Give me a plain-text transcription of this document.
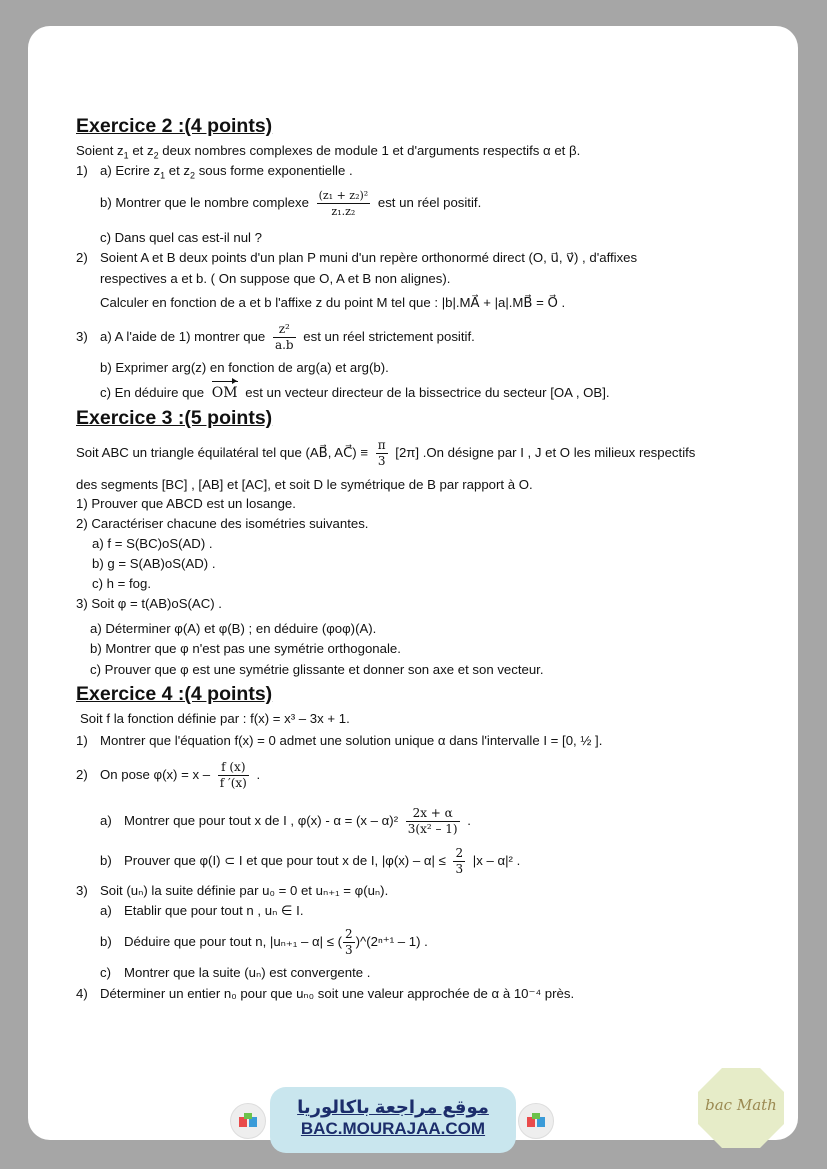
Exercice 2 :(4 points)
Soient $z_1$ et $z_2$ deux nombres complexes de module 1 et d'arguments respectifs α et β.
1) a) Ecrire $z_1$ et $z_2$ sous forme exponentielle .
b) Montrer que le nombre complexe $\frac{\text{(z₁ + z₂)²}}{\text{z₁.z₂}}$ est un réel positif.
c) Dans quel cas est-il nul ?
2) Soient A et B deux points d'un plan P muni d'un repère orthonormé direct (O, u⃗, v⃗) , d'affixes
respectives a et b. ( On suppose que O, A et B non alignes).
Calculer en fonction de a et b l'affixe z du point M tel que : |b|.MA⃗ + |a|.MB⃗ = O⃗ .
3) a) A l'aide de 1) montrer que $\frac{\text{z²}}{a.b}$ est un réel strictement positif.
b) Exprimer arg(z) en fonction de arg(a) et arg(b).
c) En déduire que OM est un vecteur directeur de la bissectrice du secteur [OA , OB].
Exercice 3 :(5 points)
Soit ABC un triangle équilatéral tel que (AB⃗, AC⃗) ≡ $\frac{\pi}{3} [2\pi]$ .On désigne par I , J et O les milieux respectifs
des segments [BC] , [AB] et [AC], et soit D le symétrique de B par rapport à O.
1) Prouver que ABCD est un losange.
2) Caractériser chacune des isométries suivantes.
a) f = S(BC)oS(AD) .
b) g = S(AB)oS(AD) .
c) h = fog.
3) Soit φ = t(AB)oS(AC) .
a) Déterminer φ(A) et φ(B) ; en déduire (φoφ)(A).
b) Montrer que φ n'est pas une symétrie orthogonale.
c) Prouver que φ est une symétrie glissante et donner son axe et son vecteur.
Exercice 4 :(4 points)
Soit f la fonction définie par : f(x) = x³ – 3x + 1.
1) Montrer que l'équation f(x) = 0 admet une solution unique α dans l'intervalle I = [0, ½ ].
2) On pose $\varphi(x) = x - \frac{f (x)}{f '(x)}$ .
a) Montrer que pour tout x de I , $\varphi(x) - \alpha = (x - \alpha)^2 \frac{2x + \alpha}{\text{3(x² – 1)}}$ .
b) Prouver que φ(I) ⊂ I et que pour tout x de I, $|\varphi(x) - \alpha| \le \frac{2}{3} |x - \alpha|^2$ .
3) Soit (uₙ) la suite définie par u₀ = 0 et uₙ₊₁ = φ(uₙ).
a) Etablir que pour tout n , uₙ ∈ I.
b) Déduire que pour tout n, |uₙ₊₁ – α| ≤ ( $\frac{2}{3}$ )^(2ⁿ⁺¹ – 1) .
c) Montrer que la suite (uₙ) est convergente .
4) Déterminer un entier n₀ pour que uₙ₀ soit une valeur approchée de α à 10⁻⁴ près.
موقع مراجعة باكالوريا
BAC.MOURAJAA.COM
bac Math
